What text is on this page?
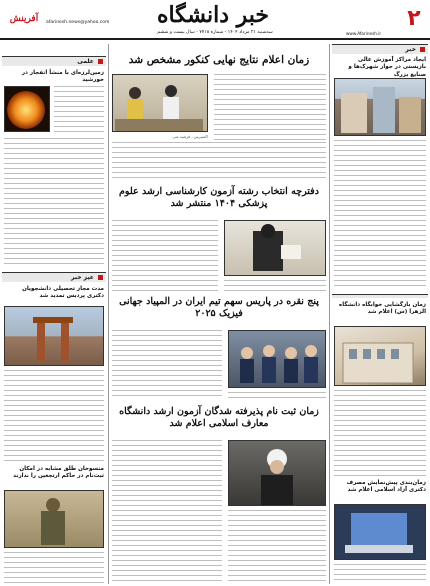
آفرینش	afarinesh.news@yahoo.com	خبر دانشگاه
سه‌شنبه ۲۱ مرداد ۱۴۰۴ - شماره ۷۷۱۸ - سال بیست و ششم	www.Afarinesh.ir
۲
خبر
ایجاد مراکز آموزش عالی بازیستی در جوار شهرک‌ها و صنایع بزرگ
زمان بازگشایی خوابگاه دانشگاه الزهرا (س) اعلام شد
زمان‌بندی پیش‌نمایش مصرف دکتری آزاد اسلامی اعلام شد
زمان اعلام نتایج نهایی کنکور مشخص شد
اکسپرس - فرشید غنی
دفترچه انتخاب رشته آزمون کارشناسی ارشد علوم پزشکی ۱۴۰۴ منتشر شد
پنج نقره در پاریس سهم تیم ایران در المپیاد جهانی فیزیک ۲۰۲۵
زمان ثبت نام پذیرفته شدگان آزمون ارشد دانشگاه معارف اسلامی اعلام شد
علمی
زمین‌لرزه‌ای با منشأ انفجار در خورشید
عیز خبر
مدت مجاز تحصیلی دانشجویان دکتری پردیس تمدید شد
منسوخان طلق مشابه در امکان ثبت‌نام در حاکم ارتجعین را ندارند
